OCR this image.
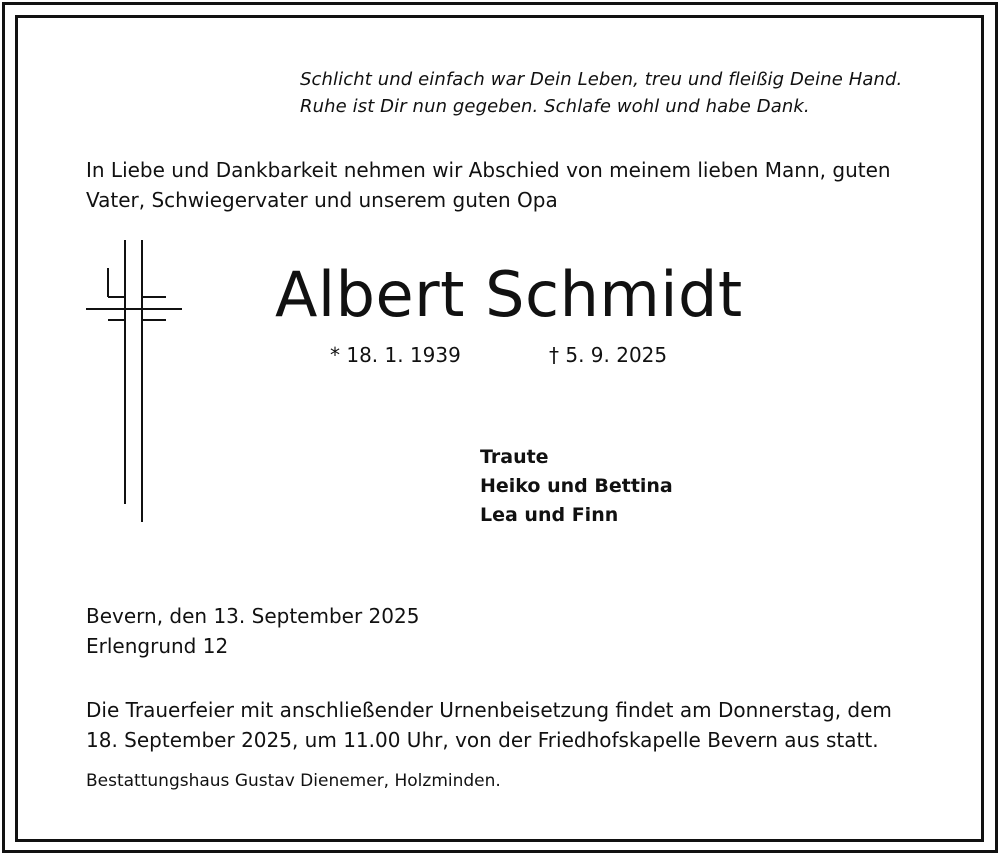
Schlicht und einfach war Dein Leben, treu und fleißig Deine Hand.
Ruhe ist Dir nun gegeben. Schlafe wohl und habe Dank.
In Liebe und Dankbarkeit nehmen wir Abschied von meinem lieben Mann, guten
Vater, Schwiegervater und unserem guten Opa
Albert Schmidt
* 18. 1. 1939	† 5. 9. 2025
Traute
Heiko und Bettina
Lea und Finn
Bevern, den 13. September 2025
Erlengrund 12
Die Trauerfeier mit anschließender Urnenbeisetzung findet am Donnerstag, dem
18. September 2025, um 11.00 Uhr, von der Friedhofskapelle Bevern aus statt.
Bestattungshaus Gustav Dienemer, Holzminden.
